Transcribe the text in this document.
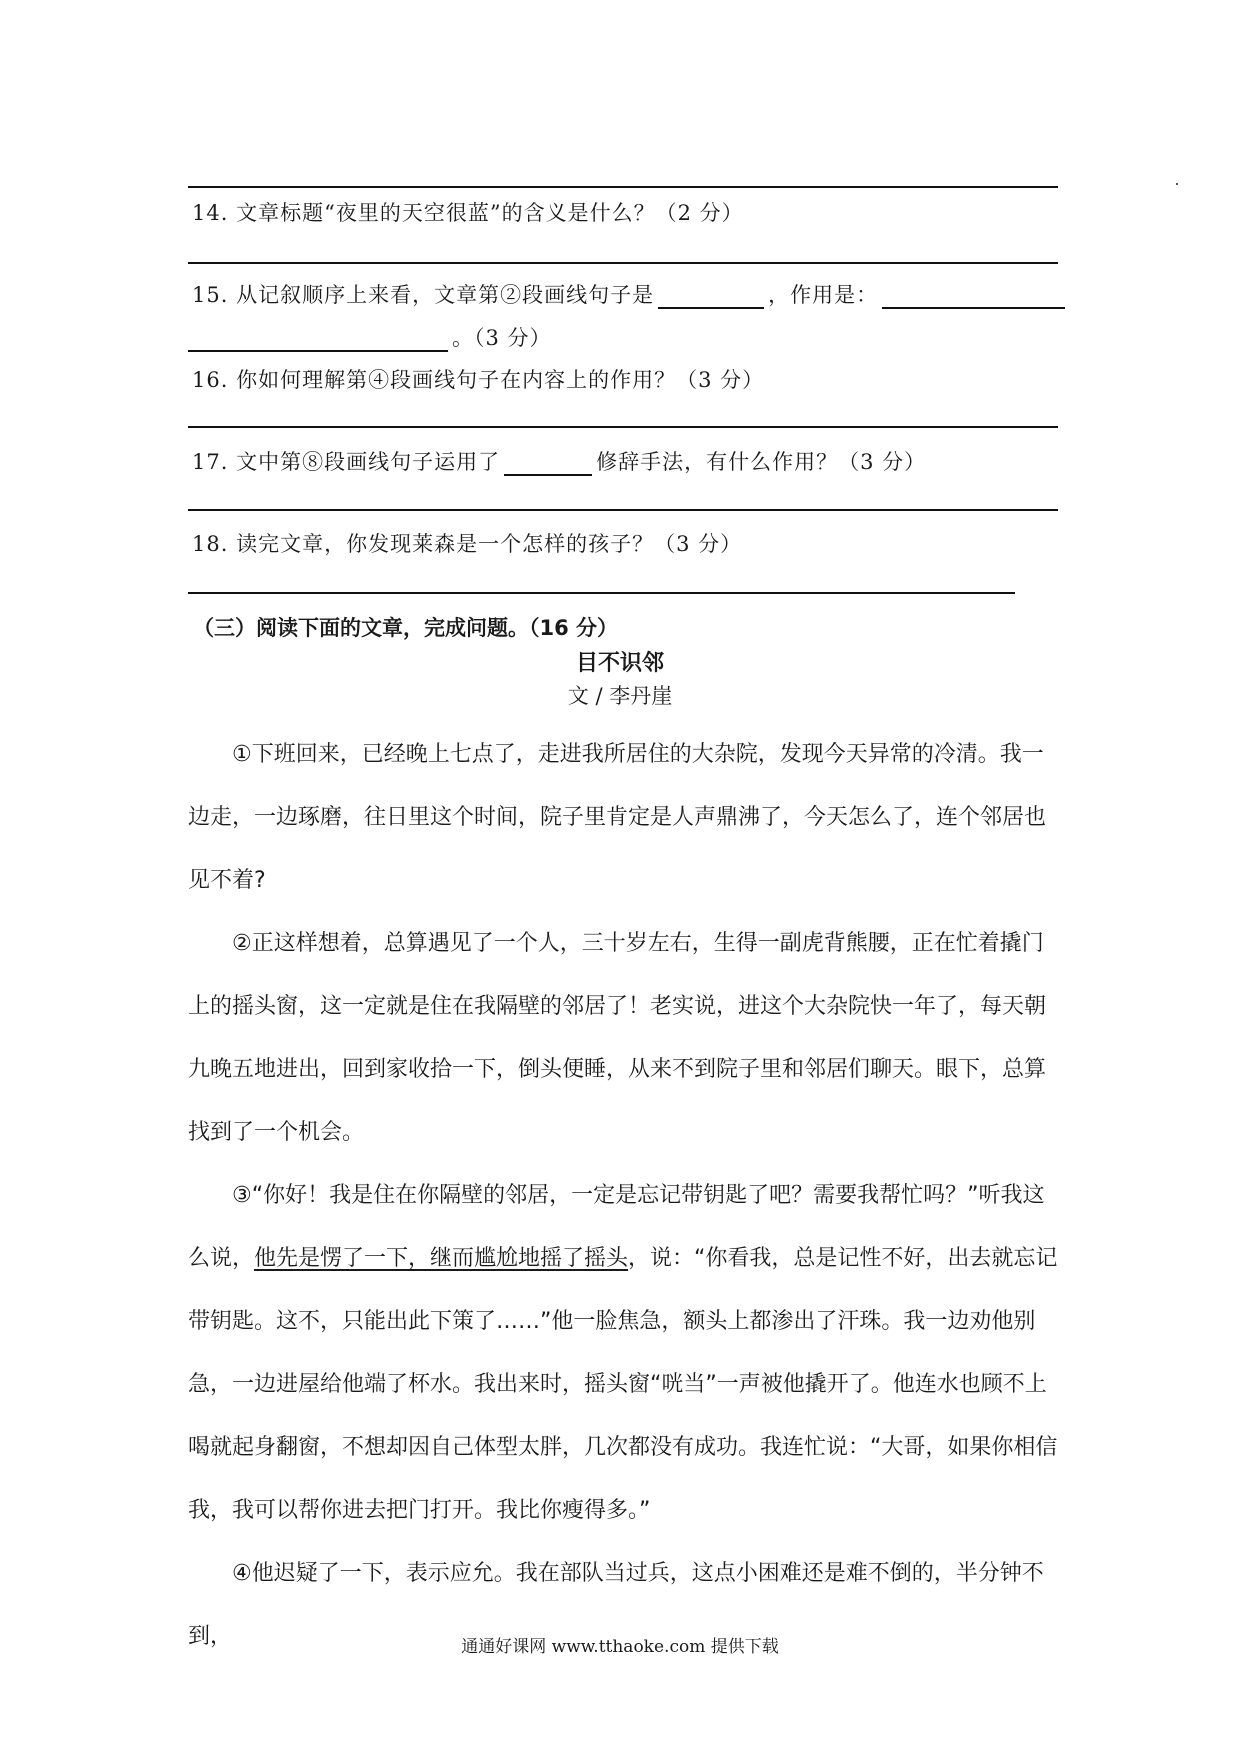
14. 文章标题“夜里的天空很蓝”的含义是什么？（2 分）
15. 从记叙顺序上来看，文章第②段画线句子是	，作用是：
。（3 分）
16. 你如何理解第④段画线句子在内容上的作用？（3 分）
17. 文中第⑧段画线句子运用了	修辞手法，有什么作用？（3 分）
18. 读完文章，你发现莱森是一个怎样的孩子？（3 分）
（三）阅读下面的文章，完成问题。（16 分）
目不识邻
文 / 李丹崖

①下班回来，已经晚上七点了，走进我所居住的大杂院，发现今天异常的冷清。我一边走，一边琢磨，往日里这个时间，院子里肯定是人声鼎沸了，今天怎么了，连个邻居也见不着?

②正这样想着，总算遇见了一个人，三十岁左右，生得一副虎背熊腰，正在忙着撬门上的摇头窗，这一定就是住在我隔壁的邻居了！老实说，进这个大杂院快一年了，每天朝九晚五地进出，回到家收拾一下，倒头便睡，从来不到院子里和邻居们聊天。眼下，总算找到了一个机会。

③“你好！我是住在你隔壁的邻居，一定是忘记带钥匙了吧？需要我帮忙吗？”听我这么说，他先是愣了一下，继而尴尬地摇了摇头，说：“你看我，总是记性不好，出去就忘记带钥匙。这不，只能出此下策了……”他一脸焦急，额头上都渗出了汗珠。我一边劝他别急，一边进屋给他端了杯水。我出来时，摇头窗“咣当”一声被他撬开了。他连水也顾不上喝就起身翻窗，不想却因自己体型太胖，几次都没有成功。我连忙说：“大哥，如果你相信我，我可以帮你进去把门打开。我比你瘦得多。”

④他迟疑了一下，表示应允。我在部队当过兵，这点小困难还是难不倒的，半分钟不到，	通通好课网 www.tthaoke.com 提供下载
